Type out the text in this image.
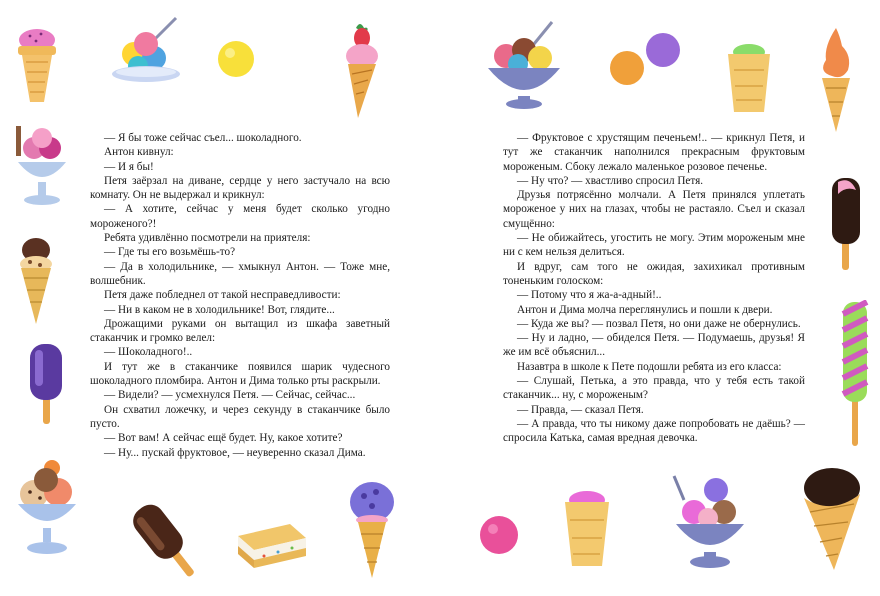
— Я бы тоже сейчас съел... шоколадного.

Антон кивнул:

— И я бы!

Петя заёрзал на диване, сердце у него застучало на всю комнату. Он не выдержал и крикнул:

— А хотите, сейчас у меня будет сколько угодно мороженого?!

Ребята удивлённо посмотрели на приятеля:

— Где ты его возьмёшь-то?

— Да в холодильнике, — хмыкнул Антон. — Тоже мне, волшебник.

Петя даже побледнел от такой несправедливости:

— Ни в каком не в холодильнике! Вот, глядите...

Дрожащими руками он вытащил из шкафа заветный стаканчик и громко велел:

— Шоколадного!..

И тут же в стаканчике появился шарик чудесного шоколадного пломбира. Антон и Дима только рты раскрыли.

— Видели? — усмехнулся Петя. — Сейчас, сейчас...

Он схватил ложечку, и через секунду в стаканчике было пусто.

— Вот вам! А сейчас ещё будет. Ну, какое хотите?

— Ну... пускай фруктовое, — неуверенно сказал Дима.

— Фруктовое с хрустящим печеньем!.. — крикнул Петя, и тут же стаканчик наполнился прекрасным фруктовым мороженым. Сбоку лежало маленькое розовое печенье.

— Ну что? — хвастливо спросил Петя.

Друзья потрясённо молчали. А Петя принялся уплетать мороженое у них на глазах, чтобы не растаяло. Съел и сказал смущённо:

— Не обижайтесь, угостить не могу. Этим мороженым мне ни с кем нельзя делиться.

И вдруг, сам того не ожидая, захихикал противным тоненьким голоском:

— Потому что я жа-а-адный!..

Антон и Дима молча переглянулись и пошли к двери.

— Куда же вы? — позвал Петя, но они даже не обернулись.

— Ну и ладно, — обиделся Петя. — Подумаешь, друзья! Я же им всё объяснил...

Назавтра в школе к Пете подошли ребята из его класса:

— Слушай, Петька, а это правда, что у тебя есть такой стаканчик... ну, с мороженым?

— Правда, — сказал Петя.

— А правда, что ты никому даже попробовать не даёшь? — спросила Катька, самая вредная девочка.
